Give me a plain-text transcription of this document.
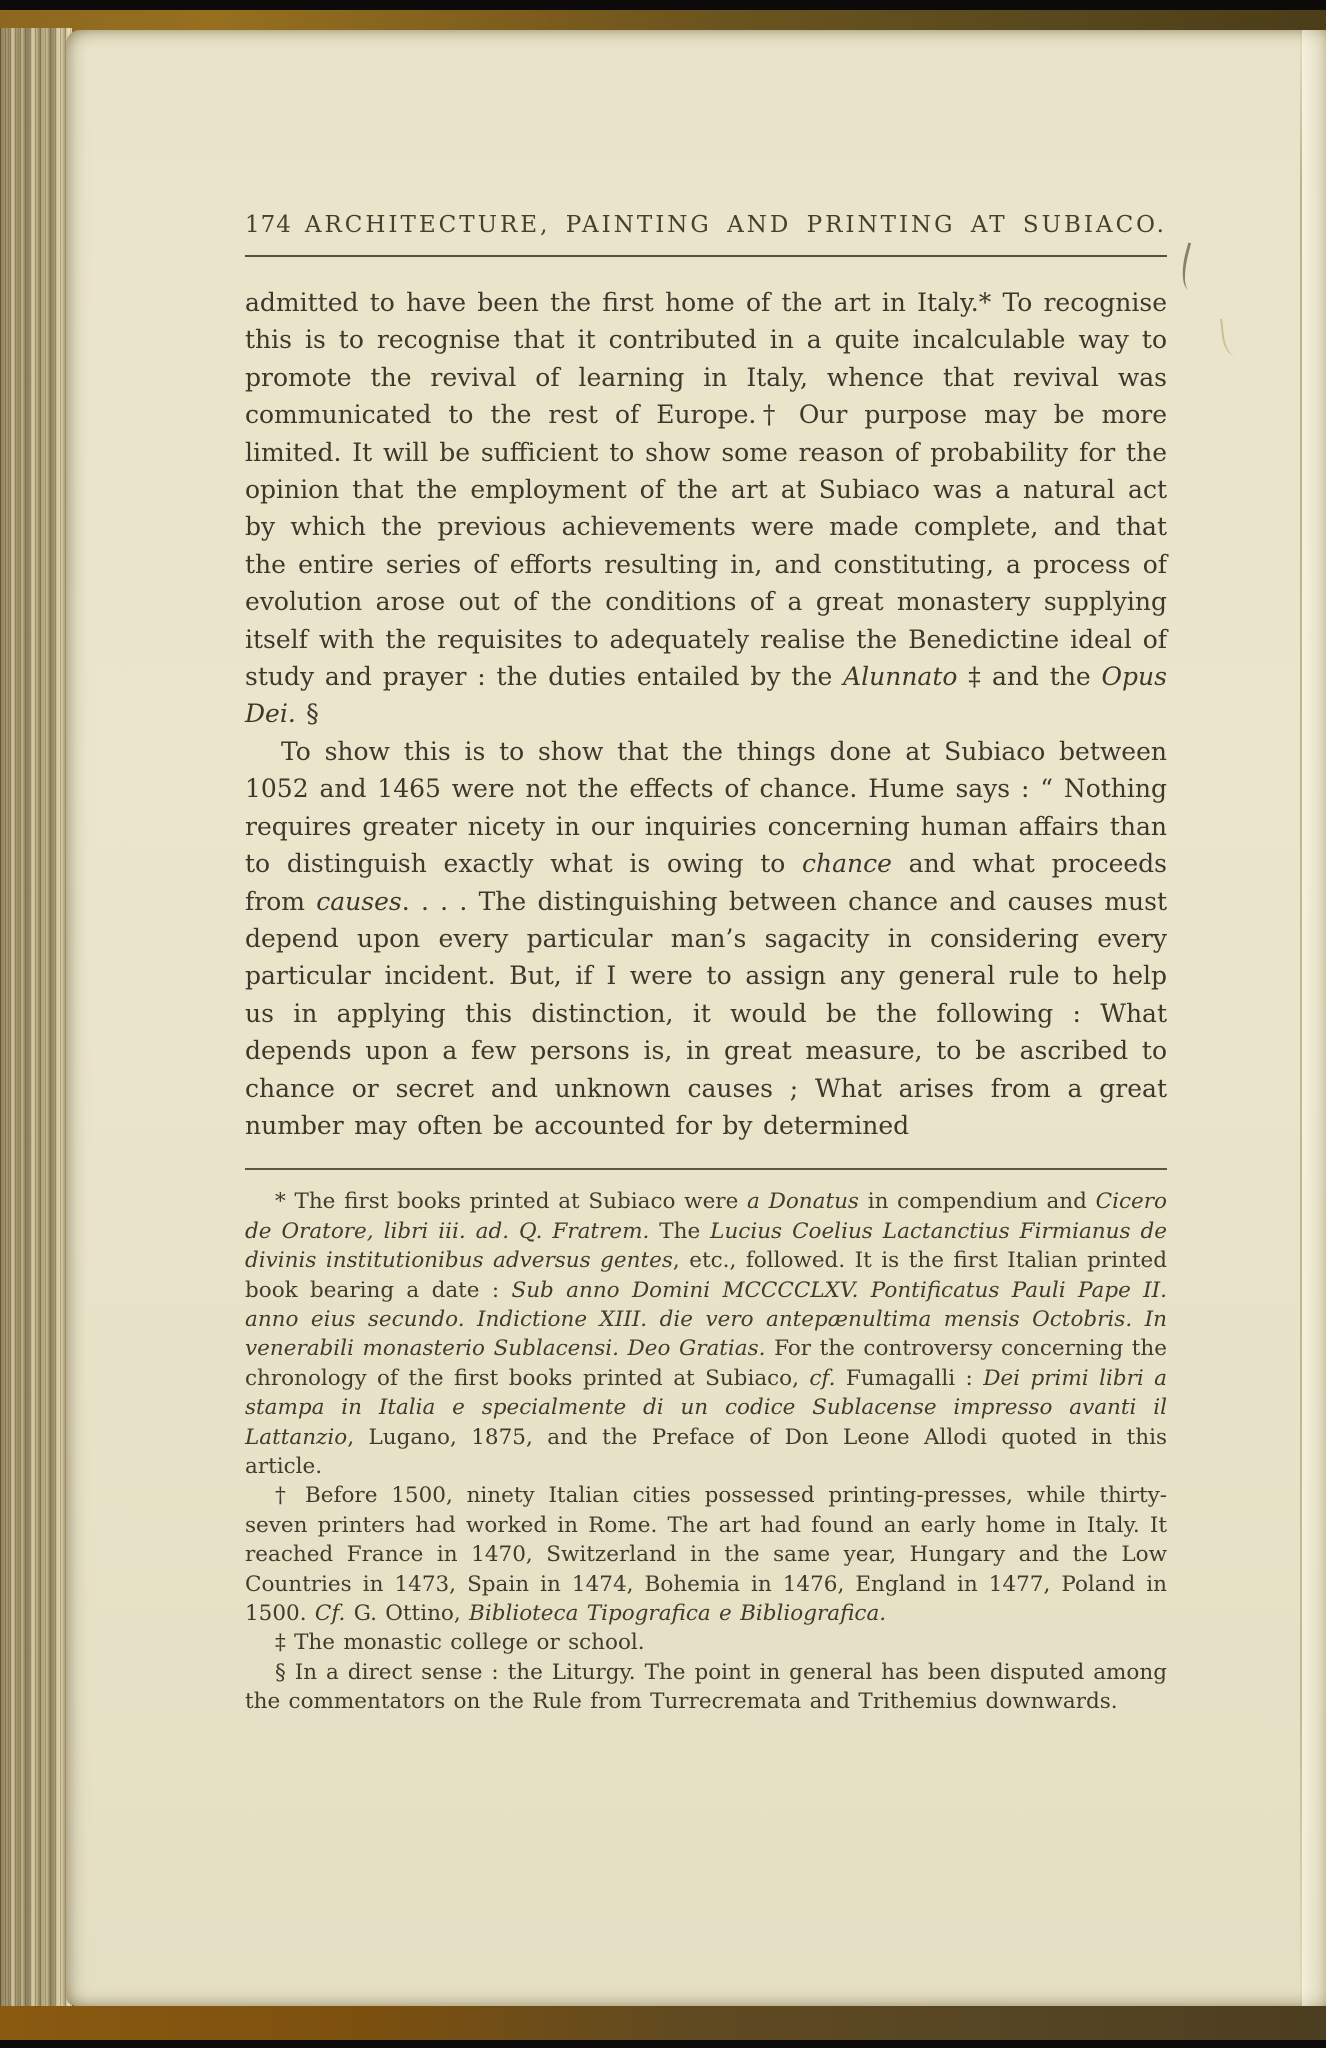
174 ARCHITECTURE, PAINTING AND PRINTING AT SUBIACO.

admitted to have been the first home of the art in Italy.* To recognise this is to recognise that it contributed in a quite incalculable way to promote the revival of learning in Italy, whence that revival was communicated to the rest of Europe.† Our purpose may be more limited. It will be sufficient to show some reason of probability for the opinion that the employment of the art at Subiaco was a natural act by which the previous achievements were made complete, and that the entire series of efforts resulting in, and constituting, a process of evolution arose out of the conditions of a great monastery supplying itself with the requisites to adequately realise the Benedictine ideal of study and prayer : the duties entailed by the Alunnato ‡ and the Opus Dei. §

To show this is to show that the things done at Subiaco between 1052 and 1465 were not the effects of chance. Hume says : “ Nothing requires greater nicety in our inquiries concerning human affairs than to distinguish exactly what is owing to chance and what proceeds from causes. . . . The distinguishing between chance and causes must depend upon every particular man’s sagacity in considering every particular incident. But, if I were to assign any general rule to help us in applying this distinction, it would be the following : What depends upon a few persons is, in great measure, to be ascribed to chance or secret and unknown causes ; What arises from a great number may often be accounted for by determined

* The first books printed at Subiaco were a Donatus in compendium and Cicero de Oratore, libri iii. ad. Q. Fratrem. The Lucius Coelius Lactanctius Firmianus de divinis institutionibus adversus gentes, etc., followed. It is the first Italian printed book bearing a date : Sub anno Domini MCCCCLXV. Pontificatus Pauli Pape II. anno eius secundo. Indictione XIII. die vero antepænultima mensis Octobris. In venerabili monasterio Sublacensi. Deo Gratias. For the controversy concerning the chronology of the first books printed at Subiaco, cf. Fumagalli : Dei primi libri a stampa in Italia e specialmente di un codice Sublacense impresso avanti il Lattanzio, Lugano, 1875, and the Preface of Don Leone Allodi quoted in this article.

† Before 1500, ninety Italian cities possessed printing-presses, while thirty-seven printers had worked in Rome. The art had found an early home in Italy. It reached France in 1470, Switzerland in the same year, Hungary and the Low Countries in 1473, Spain in 1474, Bohemia in 1476, England in 1477, Poland in 1500. Cf. G. Ottino, Biblioteca Tipografica e Bibliografica.

‡ The monastic college or school.

§ In a direct sense : the Liturgy. The point in general has been disputed among the commentators on the Rule from Turrecremata and Trithemius downwards.
